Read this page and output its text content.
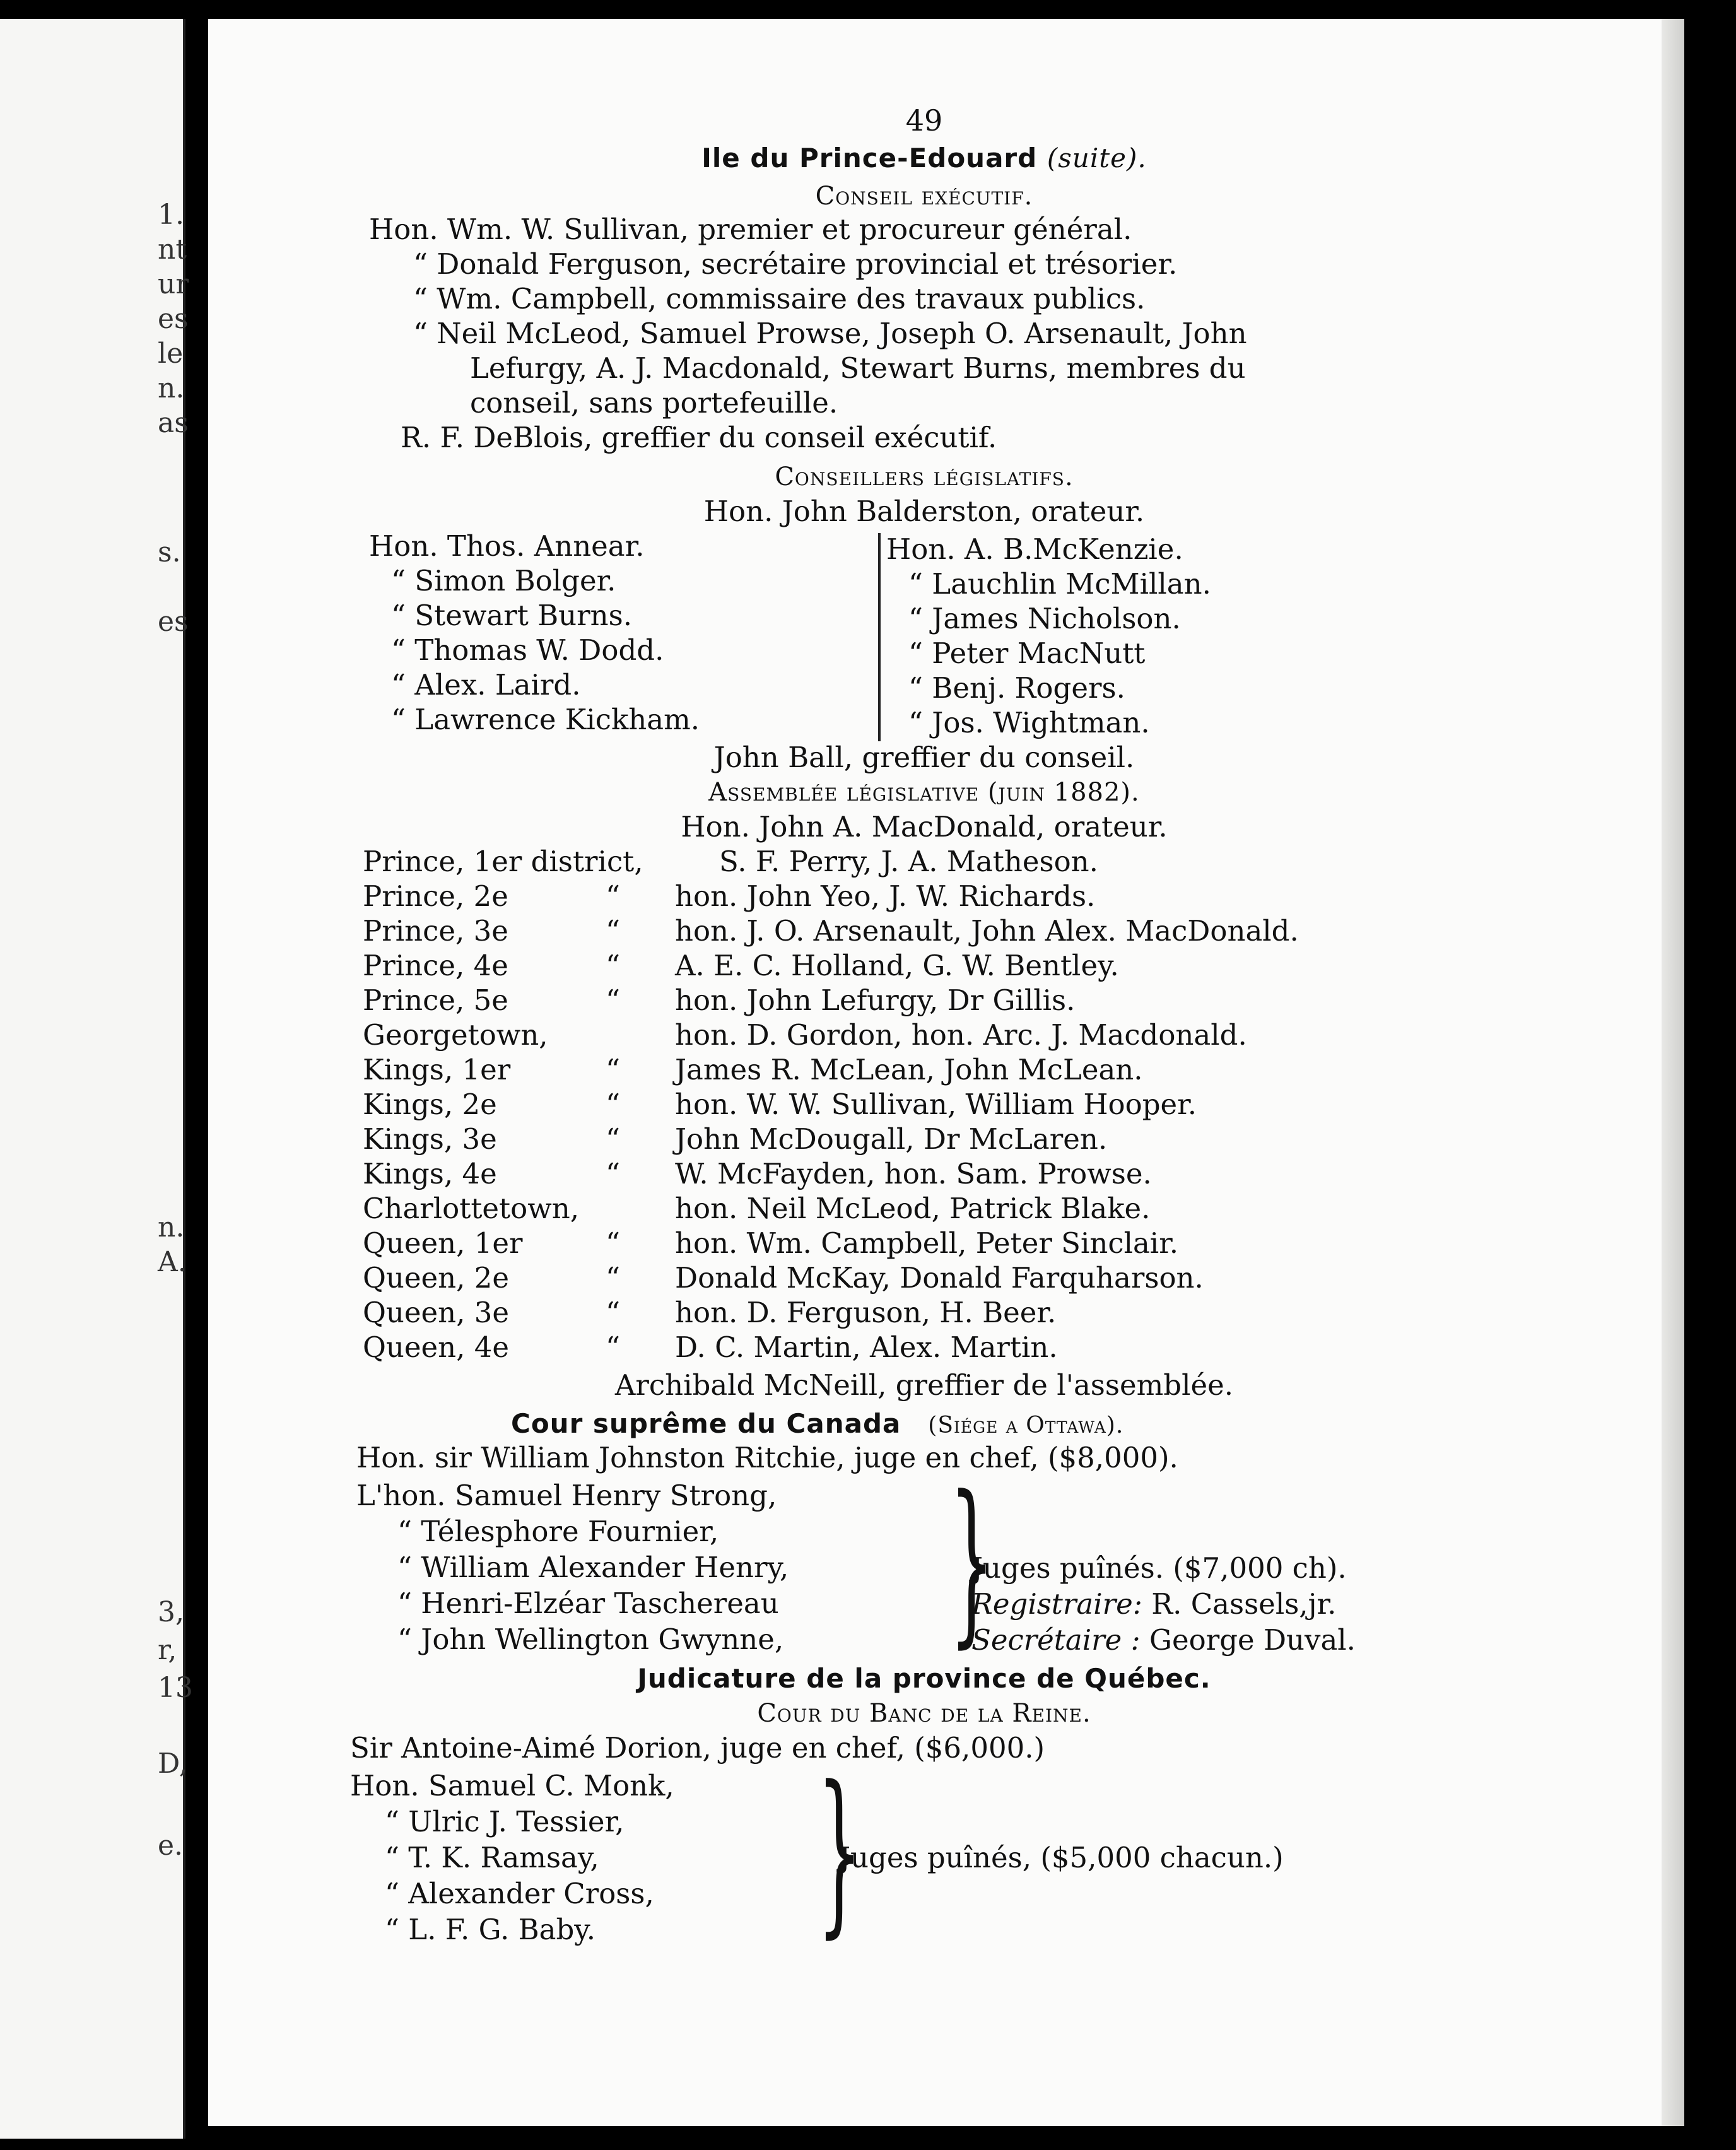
1.
nt
ur
es
le
n.
as
s.
es
n.
A.
3,
r,
13
D,
e.
49
Ile du Prince-Edouard (suite).
Conseil exécutif.
Hon. Wm. W. Sullivan, premier et procureur général.
“ Donald Ferguson, secrétaire provincial et trésorier.
“ Wm. Campbell, commissaire des travaux publics.
“ Neil McLeod, Samuel Prowse, Joseph O. Arsenault, John
Lefurgy, A. J. Macdonald, Stewart Burns, membres du
conseil, sans portefeuille.
R. F. DeBlois, greffier du conseil exécutif.
Conseillers législatifs.
Hon. John Balderston, orateur.
Hon. Thos. Annear.
“ Simon Bolger.
“ Stewart Burns.
“ Thomas W. Dodd.
“ Alex. Laird.
“ Lawrence Kickham.
Hon. A. B.McKenzie.
“ Lauchlin McMillan.
“ James Nicholson.
“ Peter MacNutt
“ Benj. Rogers.
“ Jos. Wightman.
John Ball, greffier du conseil.
Assemblée législative (juin 1882).
Hon. John A. MacDonald, orateur.
Prince, 1er district,	S. F. Perry, J. A. Matheson.
Prince, 2e	“ hon. John Yeo, J. W. Richards.
Prince, 3e	“ hon. J. O. Arsenault, John Alex. MacDonald.
Prince, 4e	“ A. E. C. Holland, G. W. Bentley.
Prince, 5e	“ hon. John Lefurgy, Dr Gillis.
Georgetown,	hon. D. Gordon, hon. Arc. J. Macdonald.
Kings, 1er	“ James R. McLean, John McLean.
Kings, 2e	“ hon. W. W. Sullivan, William Hooper.
Kings, 3e	“ John McDougall, Dr McLaren.
Kings, 4e	“ W. McFayden, hon. Sam. Prowse.
Charlottetown,	hon. Neil McLeod, Patrick Blake.
Queen, 1er	“ hon. Wm. Campbell, Peter Sinclair.
Queen, 2e	“ Donald McKay, Donald Farquharson.
Queen, 3e	“ hon. D. Ferguson, H. Beer.
Queen, 4e	“ D. C. Martin, Alex. Martin.
Archibald McNeill, greffier de l'assemblée.
Cour suprême du Canada (Siége a Ottawa).
Hon. sir William Johnston Ritchie, juge en chef, ($8,000).
L'hon. Samuel Henry Strong,
“ Télesphore Fournier,
“ William Alexander Henry,
“ Henri-Elzéar Taschereau
“ John Wellington Gwynne, }
Juges puînés. ($7,000 ch).
Registraire: R. Cassels,jr.
Secrétaire : George Duval.
Judicature de la province de Québec.
Cour du Banc de la Reine.
Sir Antoine-Aimé Dorion, juge en chef, ($6,000.)
Hon. Samuel C. Monk,
“ Ulric J. Tessier,
“ T. K. Ramsay,
“ Alexander Cross,
“ L. F. G. Baby. }
Juges puînés, ($5,000 chacun.)
